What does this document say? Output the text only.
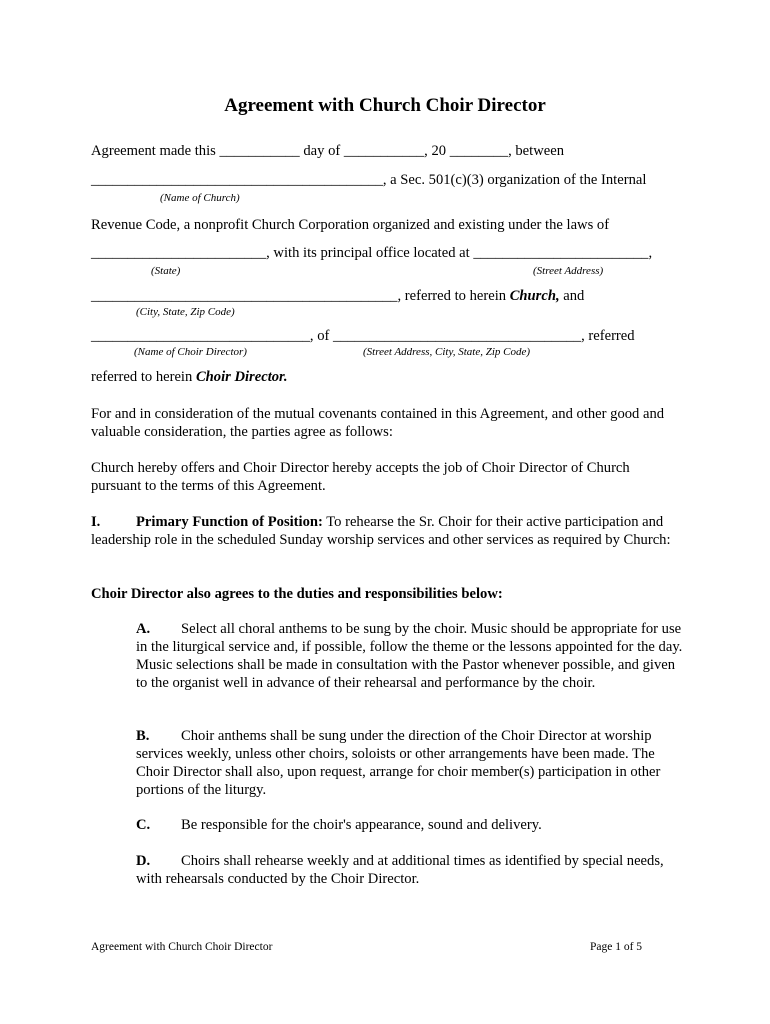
Agreement with Church Choir Director
Agreement made this ___________ day of ___________, 20 ________, between
________________________________________, a Sec. 501(c)(3) organization of the Internal
(Name of Church)
Revenue Code, a nonprofit Church Corporation organized and existing under the laws of
________________________, with its principal office located at ________________________,
(State)	(Street Address)
__________________________________________, referred to herein Church, and
(City, State, Zip Code)
______________________________, of __________________________________, referred
(Name of Choir Director)	(Street Address, City, State, Zip Code)
referred to herein Choir Director.
For and in consideration of the mutual covenants contained in this Agreement, and other good and valuable consideration, the parties agree as follows:
Church hereby offers and Choir Director hereby accepts the job of Choir Director of Church pursuant to the terms of this Agreement.
I. Primary Function of Position: To rehearse the Sr. Choir for their active participation and leadership role in the scheduled Sunday worship services and other services as required by Church:
Choir Director also agrees to the duties and responsibilities below:
A. Select all choral anthems to be sung by the choir. Music should be appropriate for use in the liturgical service and, if possible, follow the theme or the lessons appointed for the day. Music selections shall be made in consultation with the Pastor whenever possible, and given to the organist well in advance of their rehearsal and performance by the choir.
B. Choir anthems shall be sung under the direction of the Choir Director at worship services weekly, unless other choirs, soloists or other arrangements have been made. The Choir Director shall also, upon request, arrange for choir member(s) participation in other portions of the liturgy.
C. Be responsible for the choir's appearance, sound and delivery.
D. Choirs shall rehearse weekly and at additional times as identified by special needs, with rehearsals conducted by the Choir Director.
Agreement with Church Choir Director	Page 1 of 5
